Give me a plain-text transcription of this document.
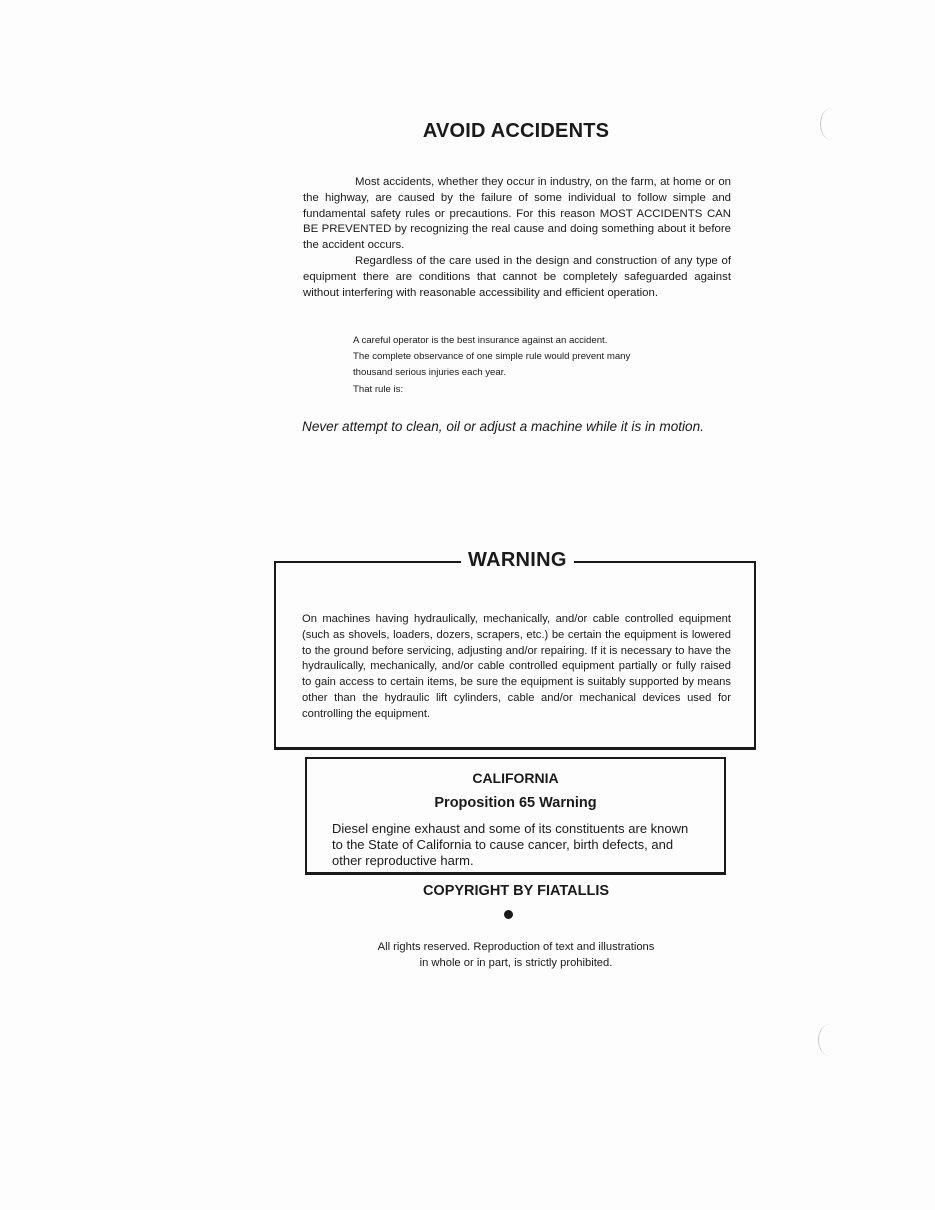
AVOID ACCIDENTS

Most accidents, whether they occur in industry, on the farm, at home or on the highway, are caused by the failure of some individual to follow simple and fundamental safety rules or precautions. For this reason MOST ACCIDENTS CAN BE PREVENTED by recognizing the real cause and doing something about it before the accident occurs.

Regardless of the care used in the design and construction of any type of equipment there are conditions that cannot be completely safeguarded against without interfering with reasonable accessibility and efficient operation.

A careful operator is the best insurance against an accident.
The complete observance of one simple rule would prevent many
thousand serious injuries each year.
That rule is:
Never attempt to clean, oil or adjust a machine while it is in motion.
WARNING

On machines having hydraulically, mechanically, and/or cable controlled equipment (such as shovels, loaders, dozers, scrapers, etc.) be certain the equipment is lowered to the ground before servicing, adjusting and/or repairing. If it is necessary to have the hydraulically, mechanically, and/or cable controlled equipment partially or fully raised to gain access to certain items, be sure the equipment is suitably supported by means other than the hydraulic lift cylinders, cable and/or mechanical devices used for controlling the equipment.

CALIFORNIA
Proposition 65 Warning
Diesel engine exhaust and some of its constituents are known
to the State of California to cause cancer, birth defects, and
other reproductive harm.
COPYRIGHT BY FIATALLIS
All rights reserved. Reproduction of text and illustrations
in whole or in part, is strictly prohibited.
